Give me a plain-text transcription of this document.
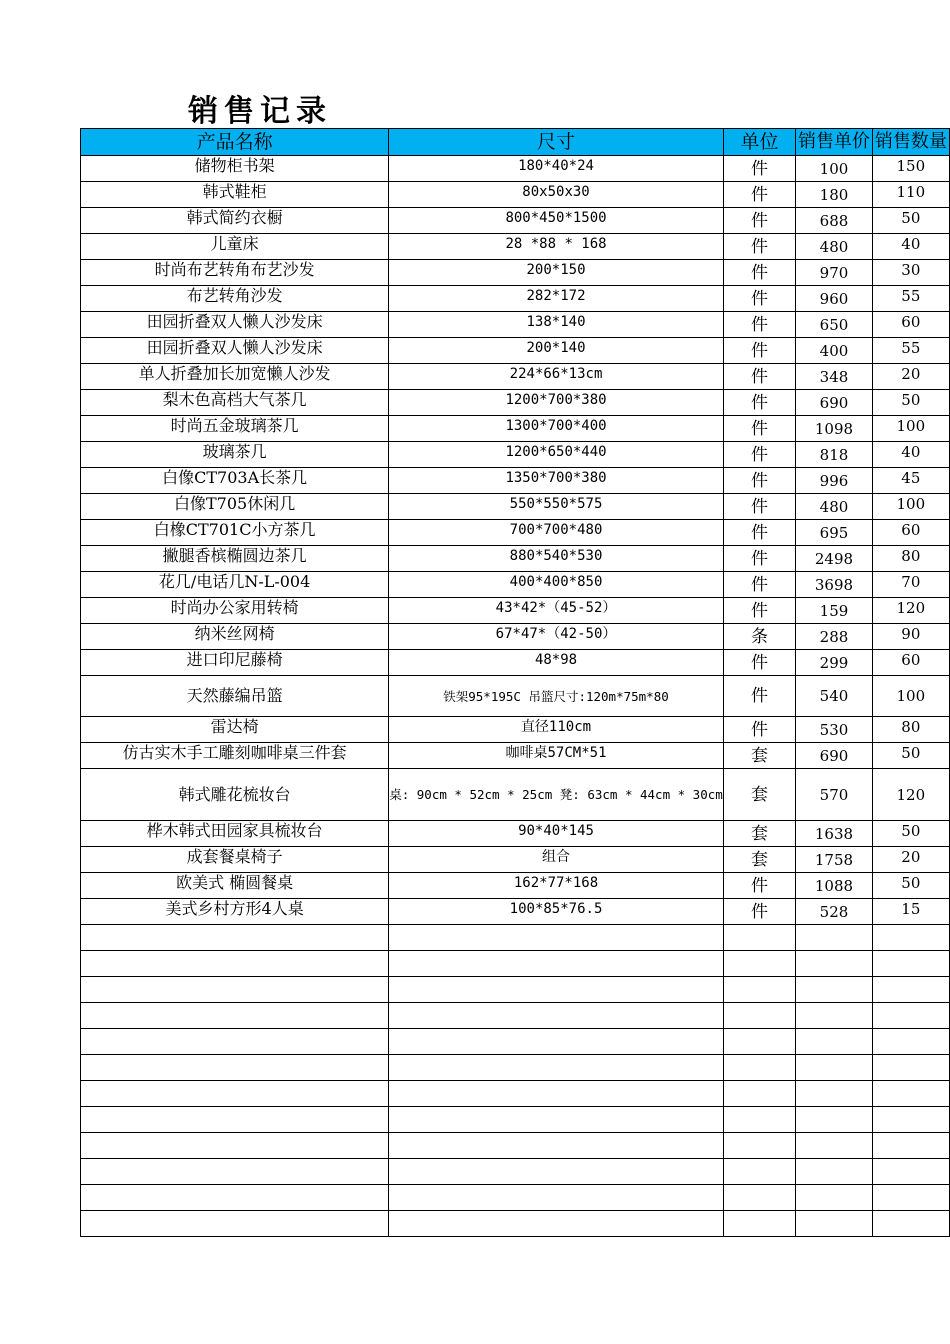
销售记录
产品名称	尺寸	单位	销售单价	销售数量
储物柜书架	180*40*24	件	100	150
韩式鞋柜	80x50x30	件	180	110
韩式简约衣橱	800*450*1500	件	688	50
儿童床	28 *88 * 168	件	480	40
时尚布艺转角布艺沙发	200*150	件	970	30
布艺转角沙发	282*172	件	960	55
田园折叠双人懒人沙发床	138*140	件	650	60
田园折叠双人懒人沙发床	200*140	件	400	55
单人折叠加长加宽懒人沙发	224*66*13cm	件	348	20
梨木色高档大气茶几	1200*700*380	件	690	50
时尚五金玻璃茶几	1300*700*400	件	1098	100
玻璃茶几	1200*650*440	件	818	40
白像CT703A长茶几	1350*700*380	件	996	45
白像T705休闲几	550*550*575	件	480	100
白橡CT701C小方茶几	700*700*480	件	695	60
撇腿香槟椭圆边茶几	880*540*530	件	2498	80
花几/电话几N-L-004	400*400*850	件	3698	70
时尚办公家用转椅	43*42*（45-52）	件	159	120
纳米丝网椅	67*47*（42-50）	条	288	90
进口印尼藤椅	48*98	件	299	60
天然藤编吊篮	铁架95*195C 吊篮尺寸:120m*75m*80	件	540	100
雷达椅	直径110cm	件	530	80
仿古实木手工雕刻咖啡桌三件套	咖啡桌57CM*51	套	690	50
韩式雕花梳妆台	桌: 90cm * 52cm * 25cm 凳: 63cm * 44cm * 30cm	套	570	120
桦木韩式田园家具梳妆台	90*40*145	套	1638	50
成套餐桌椅子	组合	套	1758	20
欧美式 椭圆餐桌	162*77*168	件	1088	50
美式乡村方形4人桌	100*85*76.5	件	528	15
